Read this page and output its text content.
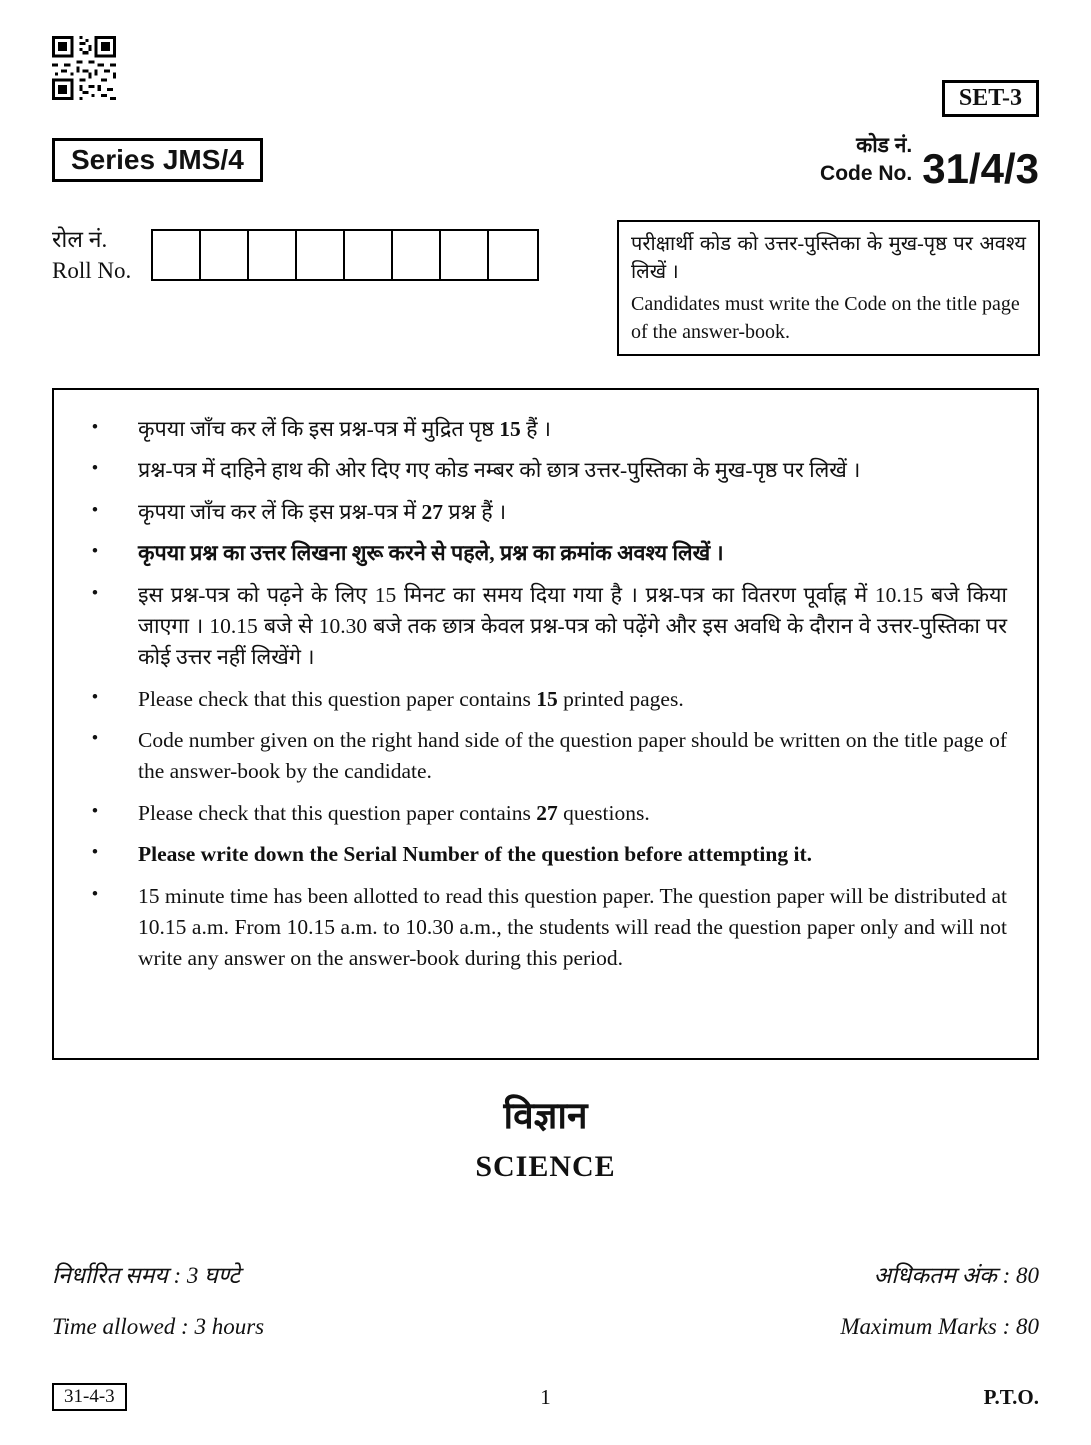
SET-3
Series JMS/4	कोड नं.
Code No. 31/4/3
रोल नं.
Roll No.
परीक्षार्थी कोड को उत्तर-पुस्तिका के मुख-पृष्ठ पर अवश्य लिखें ।
Candidates must write the Code on the title page of the answer-book.
•	कृपया जाँच कर लें कि इस प्रश्न-पत्र में मुद्रित पृष्ठ 15 हैं ।
•	प्रश्न-पत्र में दाहिने हाथ की ओर दिए गए कोड नम्बर को छात्र उत्तर-पुस्तिका के मुख-पृष्ठ पर लिखें ।
•	कृपया जाँच कर लें कि इस प्रश्न-पत्र में 27 प्रश्न हैं ।
•	कृपया प्रश्न का उत्तर लिखना शुरू करने से पहले, प्रश्न का क्रमांक अवश्य लिखें ।
•	इस प्रश्न-पत्र को पढ़ने के लिए 15 मिनट का समय दिया गया है । प्रश्न-पत्र का वितरण पूर्वाह्न में 10.15 बजे किया जाएगा । 10.15 बजे से 10.30 बजे तक छात्र केवल प्रश्न-पत्र को पढ़ेंगे और इस अवधि के दौरान वे उत्तर-पुस्तिका पर कोई उत्तर नहीं लिखेंगे ।
•	Please check that this question paper contains 15 printed pages.
•	Code number given on the right hand side of the question paper should be written on the title page of the answer-book by the candidate.
•	Please check that this question paper contains 27 questions.
•	Please write down the Serial Number of the question before attempting it.
•	15 minute time has been allotted to read this question paper. The question paper will be distributed at 10.15 a.m. From 10.15 a.m. to 10.30 a.m., the students will read the question paper only and will not write any answer on the answer-book during this period.
विज्ञान
SCIENCE
निर्धारित समय : 3 घण्टे	अधिकतम अंक : 80
Time allowed : 3 hours	Maximum Marks : 80
31-4-3	1	P.T.O.
